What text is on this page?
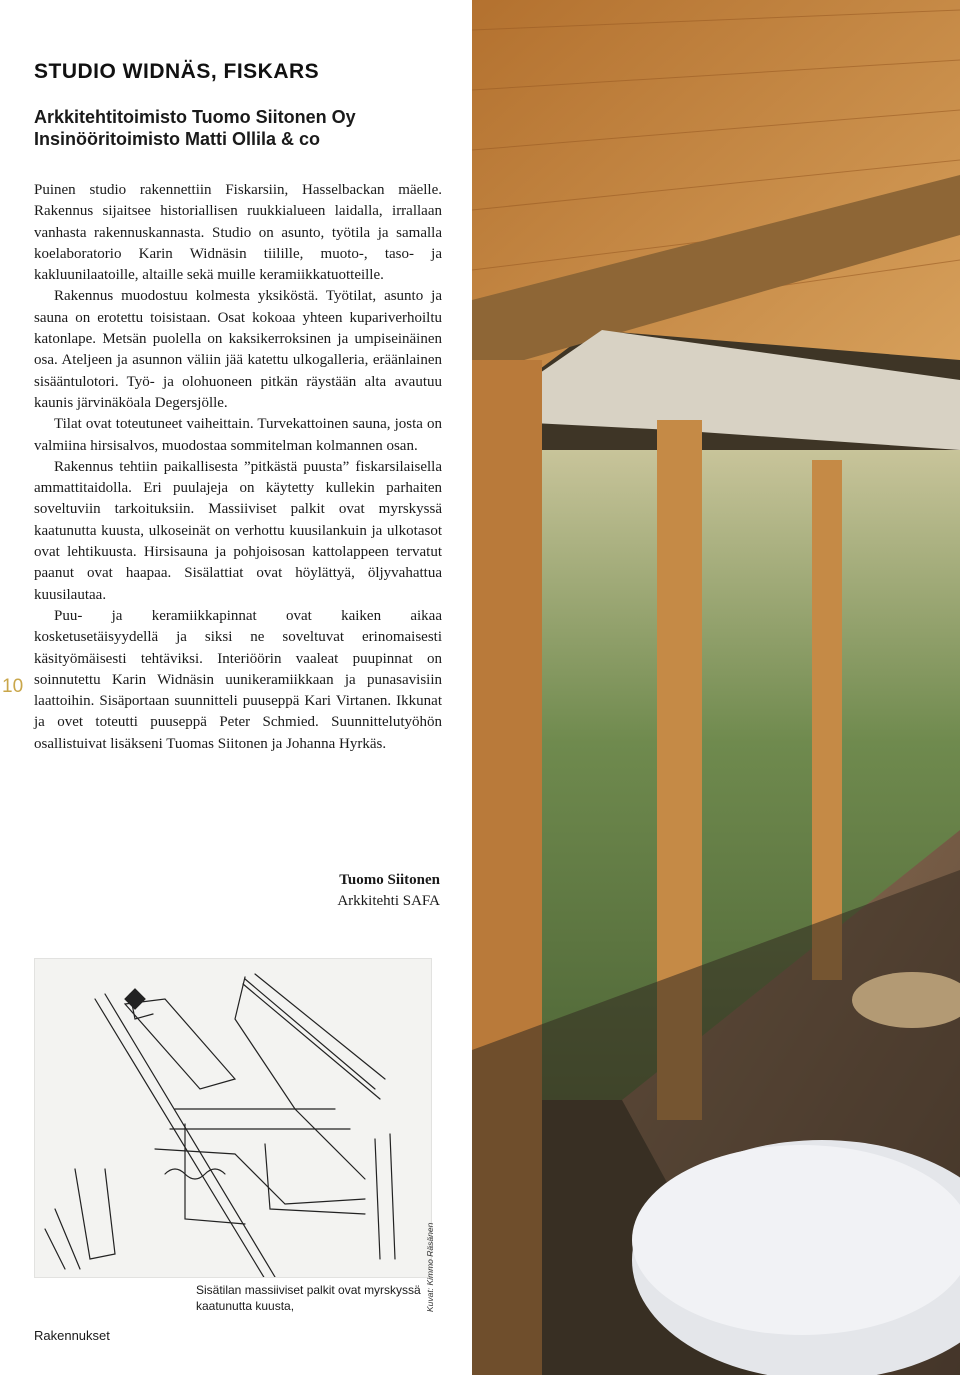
STUDIO WIDNÄS, FISKARS
Arkkitehtitoimisto Tuomo Siitonen Oy
Insinööritoimisto Matti Ollila & co

Puinen studio rakennettiin Fiskarsiin, Hasselbackan mäelle. Rakennus sijaitsee historiallisen ruukkialueen laidalla, irrallaan vanhasta rakennuskannasta. Studio on asunto, työtila ja samalla koelaboratorio Karin Widnäsin tiilille, muoto-, taso- ja kakluunilaatoille, altaille sekä muille keramiikkatuotteille.

Rakennus muodostuu kolmesta yksiköstä. Työtilat, asunto ja sauna on erotettu toisistaan. Osat kokoaa yhteen kupariverhoiltu katonlape. Metsän puolella on kaksikerroksinen ja umpiseinäinen osa. Ateljeen ja asunnon väliin jää katettu ulkogalleria, eräänlainen sisääntulotori. Työ- ja olohuoneen pitkän räystään alta avautuu kaunis järvinäköala Degersjölle.

Tilat ovat toteutuneet vaiheittain. Turvekattoinen sauna, josta on valmiina hirsisalvos, muodostaa sommitelman kolmannen osan.

Rakennus tehtiin paikallisesta ”pitkästä puusta” fiskarsilaisella ammattitaidolla. Eri puulajeja on käytetty kullekin parhaiten soveltuviin tarkoituksiin. Massiiviset palkit ovat myrskyssä kaatunutta kuusta, ulkoseinät on verhottu kuusilankuin ja ulkotasot ovat lehtikuusta. Hirsisauna ja pohjoisosan kattolappeen tervatut paanut ovat haapaa. Sisälattiat ovat höylättyä, öljyvahattua kuusilautaa.

Puu- ja keramiikkapinnat ovat kaiken aikaa kosketusetäisyydellä ja siksi ne soveltuvat erinomaisesti käsityömäisesti tehtäviksi. Interiöörin vaaleat puupinnat on soinnutettu Karin Widnäsin uunikeramiikkaan ja punasavisiin laattoihin. Sisäportaan suunnitteli puuseppä Kari Virtanen. Ikkunat ja ovet toteutti puuseppä Peter Schmied. Suunnittelutyöhön osallistuivat lisäkseni Tuomas Siitonen ja Johanna Hyrkäs.

10
Tuomo Siitonen
Arkkitehti SAFA
Sisätilan massiiviset palkit ovat myrskyssä kaatunutta kuusta,	Kuvat: Kimmo Räsänen
Rakennukset
